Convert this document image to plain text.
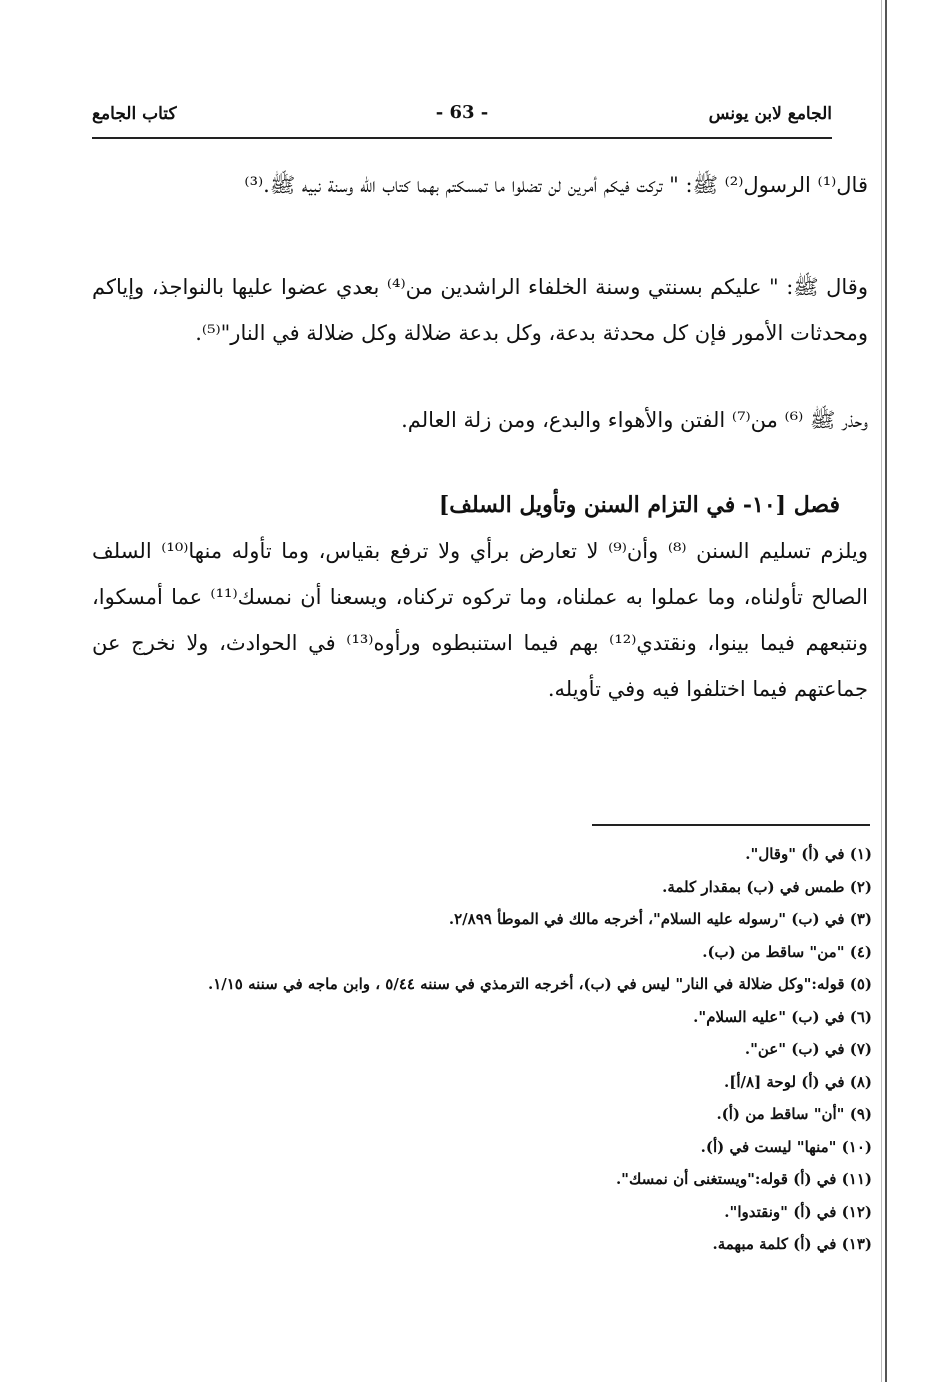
الجامع لابن يونس
- 63 -
كتاب الجامع
قال⁽¹⁾ الرسول⁽²⁾ ﷺ: " تركت فيكم أمرين لن تضلوا ما تمسكتم بهما كتاب الله وسنة نبيه ﷺ.⁽³⁾
وقال ﷺ: " عليكم بسنتي وسنة الخلفاء الراشدين من⁽⁴⁾ بعدي عضوا عليها بالنواجذ، وإياكم ومحدثات الأمور فإن كل محدثة بدعة، وكل بدعة ضلالة وكل ضلالة في النار"⁽⁵⁾.
وحذر ﷺ ⁽⁶⁾ من⁽⁷⁾ الفتن والأهواء والبدع، ومن زلة العالم.
فصل [١٠- في التزام السنن وتأويل السلف]
ويلزم تسليم السنن ⁽⁸⁾ وأن⁽⁹⁾ لا تعارض برأي ولا ترفع بقياس، وما تأوله منها⁽¹⁰⁾ السلف الصالح تأولناه، وما عملوا به عملناه، وما تركوه تركناه، ويسعنا أن نمسك⁽¹¹⁾ عما أمسكوا، ونتبعهم فيما بينوا، ونقتدي⁽¹²⁾ بهم فيما استنبطوه ورأوه⁽¹³⁾ في الحوادث، ولا نخرج عن جماعتهم فيما اختلفوا فيه وفي تأويله.
(١) في (أ) "وقال".
(٢) طمس في (ب) بمقدار كلمة.
(٣) في (ب) "رسوله عليه السلام"، أخرجه مالك في الموطأ ٢/٨٩٩.
(٤) "من" ساقط من (ب).
(٥) قوله:"وكل ضلالة في النار" ليس في (ب)، أخرجه الترمذي في سننه ٥/٤٤ ، وابن ماجه في سننه ١/١٥.
(٦) في (ب) "عليه السلام".
(٧) في (ب) "عن".
(٨) في (أ) لوحة [٨/أ].
(٩) "أن" ساقط من (أ).
(١٠) "منها" ليست في (أ).
(١١) في (أ) قوله:"ويستغنى أن نمسك".
(١٢) في (أ) "ونقتدوا".
(١٣) في (أ) كلمة مبهمة.
